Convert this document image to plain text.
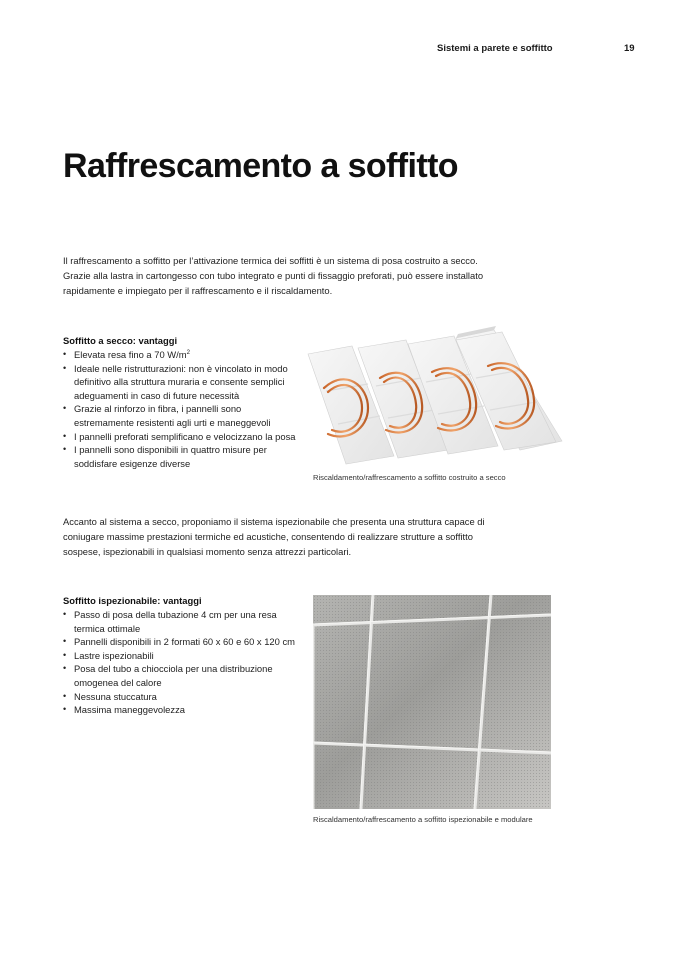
Sistemi a parete e soffitto	19
Raffrescamento a soffitto

Il raffrescamento a soffitto per l’attivazione termica dei soffitti è un sistema di posa costruito a secco. Grazie alla lastra in cartongesso con tubo integrato e punti di fissaggio preforati, può essere installato rapidamente e impiegato per il raffrescamento e il riscaldamento.

Soffitto a secco: vantaggi
• Elevata resa fino a 70 $W/m^2$
• Ideale nelle ristrutturazioni: non è vincolato in modo definitivo alla struttura muraria e consente semplici adeguamenti in caso di future necessità
• Grazie al rinforzo in fibra, i pannelli sono estremamente resistenti agli urti e maneggevoli
• I pannelli preforati semplificano e velocizzano la posa
• I pannelli sono disponibili in quattro misure per soddisfare esigenze diverse
Riscaldamento/raffrescamento a soffitto costruito a secco

Accanto al sistema a secco, proponiamo il sistema ispezionabile che presenta una struttura capace di coniugare massime prestazioni termiche ed acustiche, consentendo di realizzare strutture a soffitto sospese, ispezionabili in qualsiasi momento senza attrezzi particolari.

Soffitto ispezionabile: vantaggi
• Passo di posa della tubazione 4 cm per una resa termica ottimale
• Pannelli disponibili in 2 formati 60 x 60 e 60 x 120 cm
• Lastre ispezionabili
• Posa del tubo a chiocciola per una distribuzione omogenea del calore
• Nessuna stuccatura
• Massima maneggevolezza
Riscaldamento/raffrescamento a soffitto ispezionabile e modulare
